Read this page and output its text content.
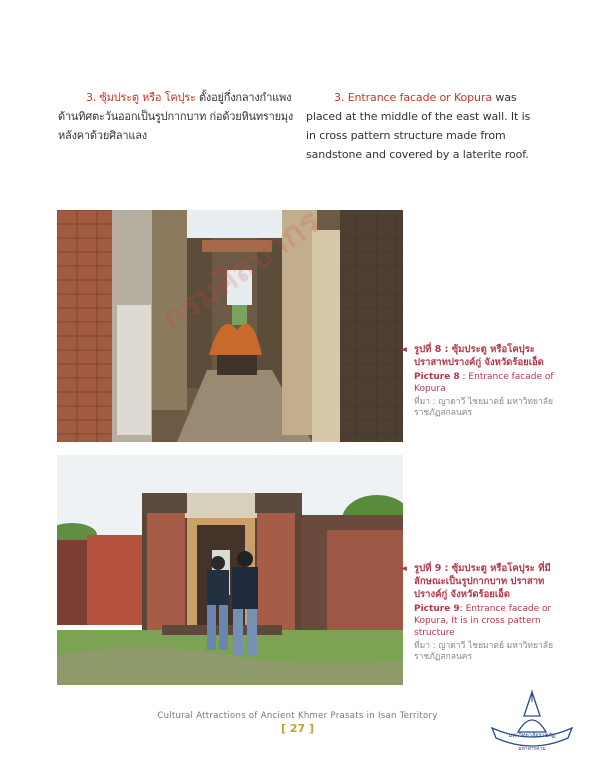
3. ซุ้มประตู หรือ โคปุระ ตั้งอยู่กึ่งกลางกำแพงด้านทิศตะวันออกเป็นรูปกากบาท ก่อด้วยหินทรายมุงหลังคาด้วยศิลาแลง
3. Entrance facade or Kopura was placed at the middle of the east wall. It is in cross pattern structure made from sandstone and covered by a laterite roof.
◄ รูปที่ 8 : ซุ้มประตู หรือโคปุระ ปราสาทปรางค์กู่ จังหวัดร้อยเอ็ด
Picture 8 : Entrance facade of Kopura
ที่มา : ญาดาวี ไชยมาตย์ มหาวิทยาลัยราชภัฏสกลนคร
◄ รูปที่ 9 : ซุ้มประตู หรือโคปุระ ที่มีลักษณะเป็นรูปกากบาท ปราสาทปรางค์กู่ จังหวัดร้อยเอ็ด
Picture 9: Entrance facade or Kopura, It is in cross pattern structure
ที่มา : ญาดาวี ไชยมาตย์ มหาวิทยาลัยราชภัฏสกลนคร
Cultural Attractions of Ancient Khmer Prasats in Isan Territory
[ 27 ]
มหาวิทยาลัยราชภัฏ
มหาสารคาม
